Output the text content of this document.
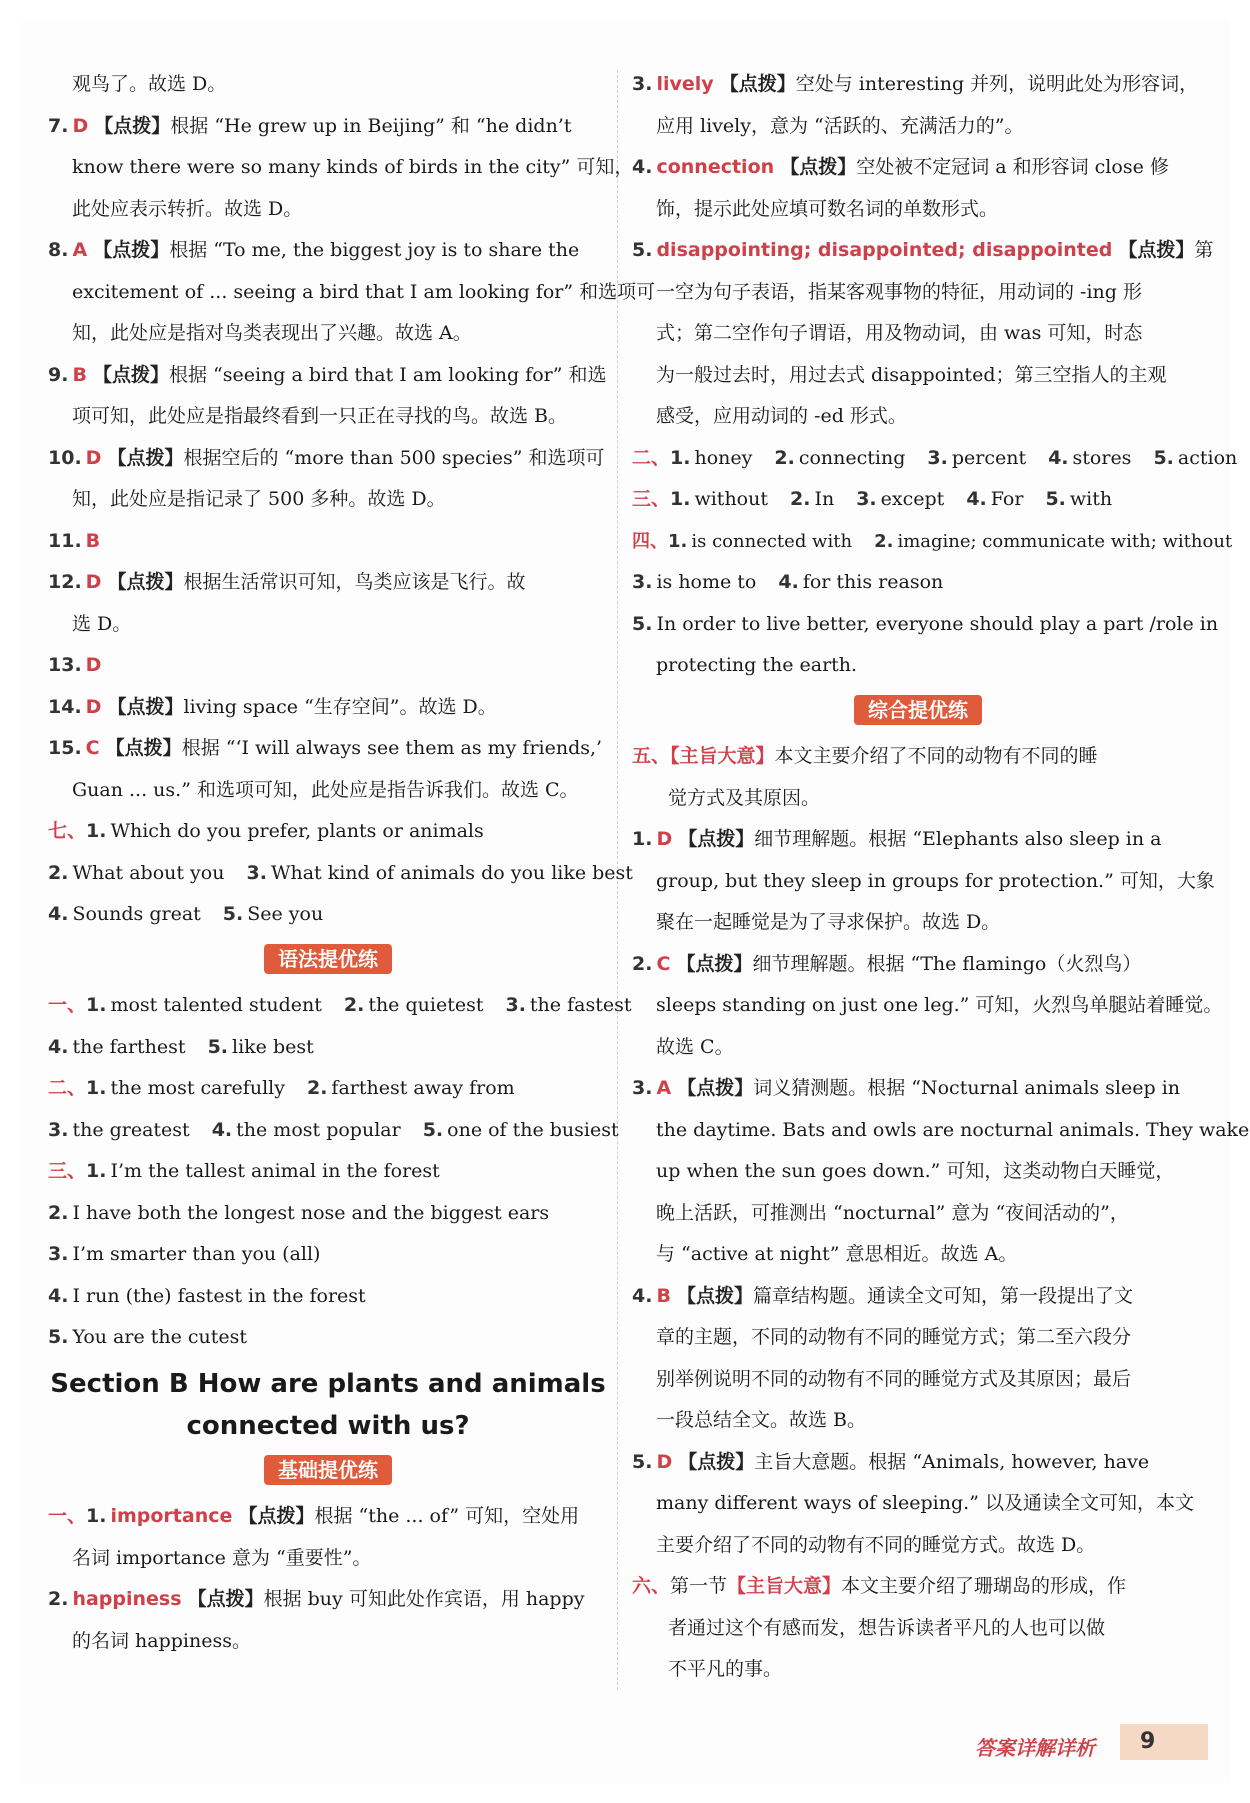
观鸟了。故选 D。

7. D 【点拨】根据 “He grew up in Beijing” 和 “he didn’t

know there were so many kinds of birds in the city” 可知，

此处应表示转折。故选 D。

8. A 【点拨】根据 “To me, the biggest joy is to share the

excitement of ... seeing a bird that I am looking for” 和选项可

知，此处应是指对鸟类表现出了兴趣。故选 A。

9. B 【点拨】根据 “seeing a bird that I am looking for” 和选

项可知，此处应是指最终看到一只正在寻找的鸟。故选 B。

10. D 【点拨】根据空后的 “more than 500 species” 和选项可

知，此处应是指记录了 500 多种。故选 D。

11. B

12. D 【点拨】根据生活常识可知，鸟类应该是飞行。故

选 D。

13. D

14. D 【点拨】living space “生存空间”。故选 D。

15. C 【点拨】根据 “‘I will always see them as my friends,’

Guan ... us.” 和选项可知，此处应是指告诉我们。故选 C。

七、1. Which do you prefer, plants or animals

2. What about you 3. What kind of animals do you like best

4. Sounds great 5. See you

语法提优练

一、1. most talented student 2. the quietest 3. the fastest

4. the farthest 5. like best

二、1. the most carefully 2. farthest away from

3. the greatest 4. the most popular 5. one of the busiest

三、1. I’m the tallest animal in the forest

2. I have both the longest nose and the biggest ears

3. I’m smarter than you (all)

4. I run (the) fastest in the forest

5. You are the cutest

Section B How are plants and animals

connected with us?

基础提优练

一、1. importance 【点拨】根据 “the ... of” 可知，空处用

名词 importance 意为 “重要性”。

2. happiness 【点拨】根据 buy 可知此处作宾语，用 happy

的名词 happiness。

3. lively 【点拨】空处与 interesting 并列，说明此处为形容词，

应用 lively，意为 “活跃的、充满活力的”。

4. connection 【点拨】空处被不定冠词 a 和形容词 close 修

饰，提示此处应填可数名词的单数形式。

5. disappointing; disappointed; disappointed 【点拨】第

一空为句子表语，指某客观事物的特征，用动词的 -ing 形

式；第二空作句子谓语，用及物动词，由 was 可知，时态

为一般过去时，用过去式 disappointed；第三空指人的主观

感受，应用动词的 -ed 形式。

二、1. honey 2. connecting 3. percent 4. stores 5. action

三、1. without 2. In 3. except 4. For 5. with

四、1. is connected with 2. imagine; communicate with; without

3. is home to 4. for this reason

5. In order to live better, everyone should play a part /role in

protecting the earth.

综合提优练

五、【主旨大意】本文主要介绍了不同的动物有不同的睡

觉方式及其原因。

1. D 【点拨】细节理解题。根据 “Elephants also sleep in a

group, but they sleep in groups for protection.” 可知，大象

聚在一起睡觉是为了寻求保护。故选 D。

2. C 【点拨】细节理解题。根据 “The flamingo（火烈鸟）

sleeps standing on just one leg.” 可知，火烈鸟单腿站着睡觉。

故选 C。

3. A 【点拨】词义猜测题。根据 “Nocturnal animals sleep in

the daytime. Bats and owls are nocturnal animals. They wake

up when the sun goes down.” 可知，这类动物白天睡觉，

晚上活跃，可推测出 “nocturnal” 意为 “夜间活动的”，

与 “active at night” 意思相近。故选 A。

4. B 【点拨】篇章结构题。通读全文可知，第一段提出了文

章的主题，不同的动物有不同的睡觉方式；第二至六段分

别举例说明不同的动物有不同的睡觉方式及其原因；最后

一段总结全文。故选 B。

5. D 【点拨】主旨大意题。根据 “Animals, however, have

many different ways of sleeping.” 以及通读全文可知，本文

主要介绍了不同的动物有不同的睡觉方式。故选 D。

六、第一节【主旨大意】本文主要介绍了珊瑚岛的形成，作

者通过这个有感而发，想告诉读者平凡的人也可以做

不平凡的事。

答案详解详析	9
